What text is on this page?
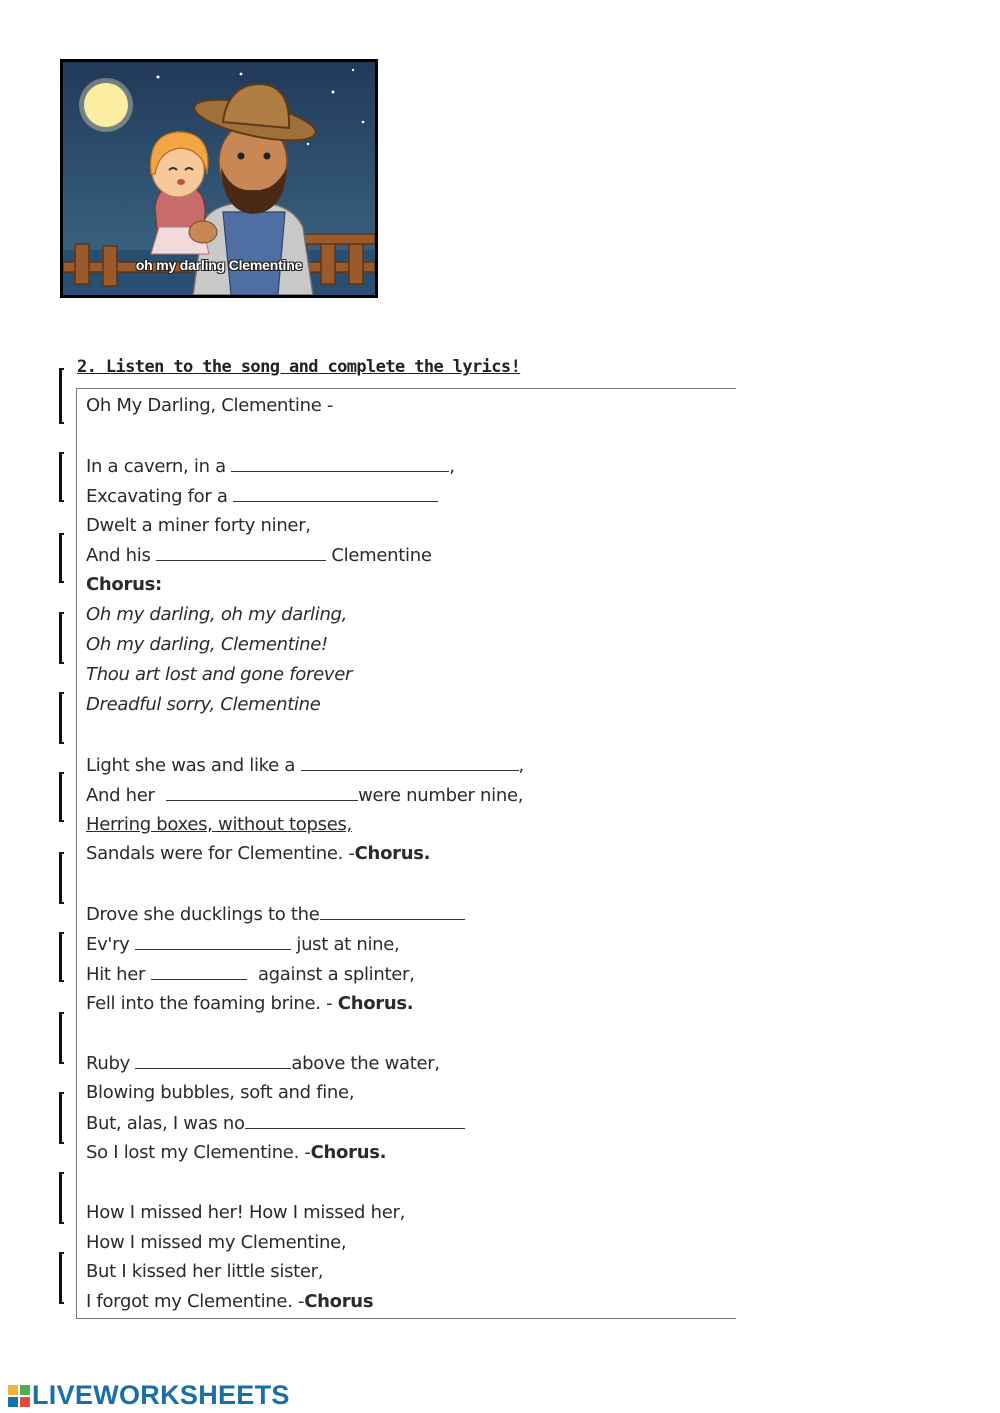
oh my darling Clementine
2. Listen to the song and complete the lyrics!
Oh My Darling, Clementine -
In a cavern, in a	,
Excavating for a
Dwelt a miner forty niner,
And his	Clementine
Chorus:
Oh my darling, oh my darling,
Oh my darling, Clementine!
Thou art lost and gone forever
Dreadful sorry, Clementine
Light she was and like a	,
And her	were number nine,
Herring boxes, without topses,
Sandals were for Clementine. -Chorus.
Drove she ducklings to the
Ev'ry	just at nine,
Hit her	against a splinter,
Fell into the foaming brine. - Chorus.
Ruby	above the water,
Blowing bubbles, soft and fine,
But, alas, I was no
So I lost my Clementine. -Chorus.
How I missed her! How I missed her,
How I missed my Clementine,
But I kissed her little sister,
I forgot my Clementine. -Chorus
LIVEWORKSHEETS
